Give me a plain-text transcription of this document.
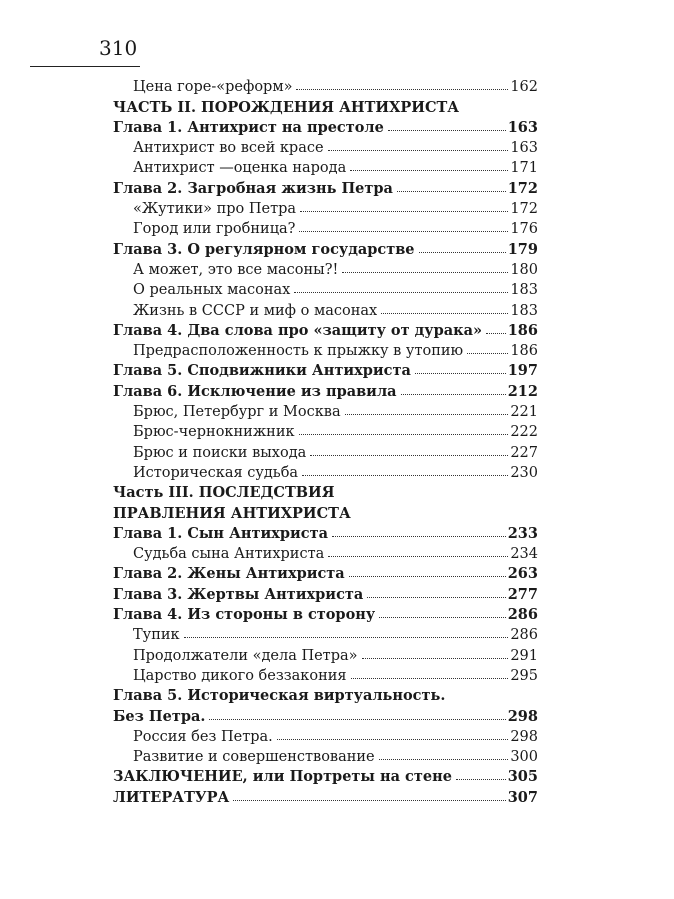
310
Цена горе-«реформ»	162
ЧАСТЬ II. ПОРОЖДЕНИЯ АНТИХРИСТА
Глава 1. Антихрист на престоле	163
Антихрист во всей красе	163
Антихрист —оценка народа	171
Глава 2. Загробная жизнь Петра	172
«Жутики» про Петра	172
Город или гробница?	176
Глава 3. О регулярном государстве	179
А может, это все масоны?!	180
О реальных масонах	183
Жизнь в СССР и миф о масонах	183
Глава 4. Два слова про «защиту от дурака» 186
Предрасположенность к прыжку в утопию	186
Глава 5. Сподвижники Антихриста	197
Глава 6. Исключение из правила	212
Брюс, Петербург и Москва	221
Брюс-чернокнижник	222
Брюс и поиски выхода	227
Историческая судьба	230
Часть III. ПОСЛЕДСТВИЯ
ПРАВЛЕНИЯ АНТИХРИСТА
Глава 1. Сын Антихриста	233
Судьба сына Антихриста	234
Глава 2. Жены Антихриста	263
Глава 3. Жертвы Антихриста	277
Глава 4. Из стороны в сторону	286
Тупик	286
Продолжатели «дела Петра»	291
Царство дикого беззакония	295
Глава 5. Историческая виртуальность.
Без Петра.	298
Россия без Петра.	298
Развитие и совершенствование	300
ЗАКЛЮЧЕНИЕ, или Портреты на стене	305
ЛИТЕРАТУРА	307
